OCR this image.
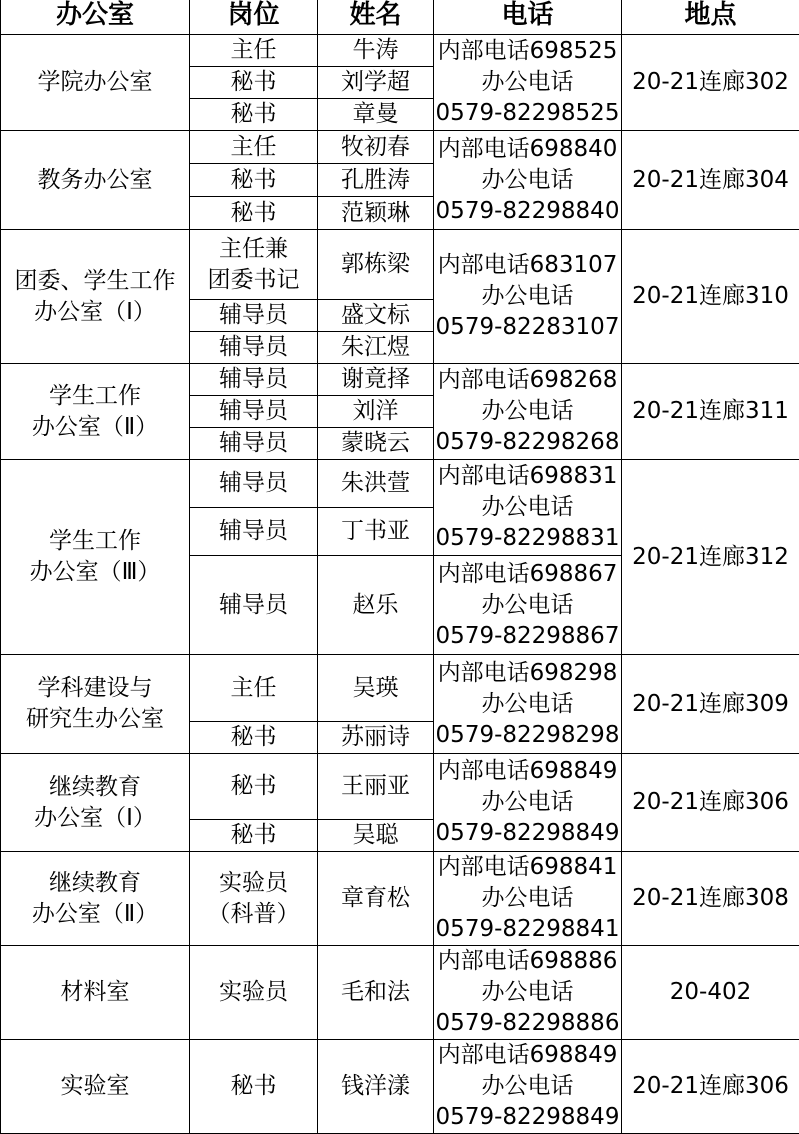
办公室	岗位	姓名	电话	地点

学院办公室	主任	牛涛	内部电话698525
办公电话
0579-82298525	20-21连廊302

	秘书	刘学超		

	秘书	章曼		

教务办公室	主任	牧初春	内部电话698840
办公电话
0579-82298840	20-21连廊304

	秘书	孔胜涛		

	秘书	范颖琳		

团委、学生工作
办公室（Ⅰ）	主任兼
团委书记	郭栋梁	内部电话683107
办公电话
0579-82283107	20-21连廊310

	辅导员	盛文标		

	辅导员	朱江煜		

学生工作
办公室（Ⅱ）	辅导员	谢竟择	内部电话698268
办公电话
0579-82298268	20-21连廊311

	辅导员	刘洋		

	辅导员	蒙晓云		

学生工作
办公室（Ⅲ）	辅导员	朱洪萱	内部电话698831
办公电话
0579-82298831	20-21连廊312

	辅导员	丁书亚		

	辅导员	赵乐	内部电话698867
办公电话
0579-82298867	

学科建设与
研究生办公室	主任	吴瑛	内部电话698298
办公电话
0579-82298298	20-21连廊309

	秘书	苏丽诗		

继续教育
办公室（Ⅰ）	秘书	王丽亚	内部电话698849
办公电话
0579-82298849	20-21连廊306

	秘书	吴聪		

继续教育
办公室（Ⅱ）	实验员
（科普）	章育松	内部电话698841
办公电话
0579-82298841	20-21连廊308

材料室	实验员	毛和法	内部电话698886
办公电话
0579-82298886	20-402

实验室	秘书	钱洋漾	内部电话698849
办公电话
0579-82298849	20-21连廊306
